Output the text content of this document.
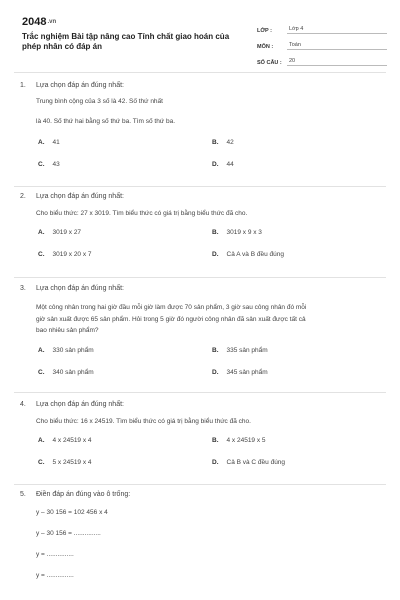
2048.vn
Trắc nghiệm Bài tập nâng cao Tính chất giao hoán của phép nhân có đáp án
LỚP :	Lớp 4
MÔN :	Toán
SỐ CÂU :	20
1.	Lựa chọn đáp án đúng nhất:
Trung bình cộng của 3 số là 42. Số thứ nhất
là 40. Số thứ hai bằng số thứ ba. Tìm số thứ ba.
A. 41	B. 42
C. 43	D. 44
2.	Lựa chọn đáp án đúng nhất:
Cho biểu thức: 27 x 3019. Tìm biểu thức có giá trị bằng biểu thức đã cho.
A. 3019 x 27	B. 3019 x 9 x 3
C. 3019 x 20 x 7	D. Cả A và B đều đúng
3.	Lựa chọn đáp án đúng nhất:
Một công nhân trong hai giờ đầu mỗi giờ làm được 70 sản phẩm, 3 giờ sau công nhân đó mỗi
giờ sản xuất được 65 sản phẩm. Hỏi trong 5 giờ đó người công nhân đã sản xuất được tất cả
bao nhiêu sản phẩm?
A. 330 sản phẩm	B. 335 sản phẩm
C. 340 sản phẩm	D. 345 sản phẩm
4.	Lựa chọn đáp án đúng nhất:
Cho biểu thức: 16 x 24519. Tìm biểu thức có giá trị bằng biểu thức đã cho.
A. 4 x 24519 x 4	B. 4 x 24519 x 5
C. 5 x 24519 x 4	D. Cả B và C đều đúng
5.	Điền đáp án đúng vào ô trống:
y – 30 156 = 102 456 x 4
y – 30 156 = ...............
y = ...............
y = ...............
